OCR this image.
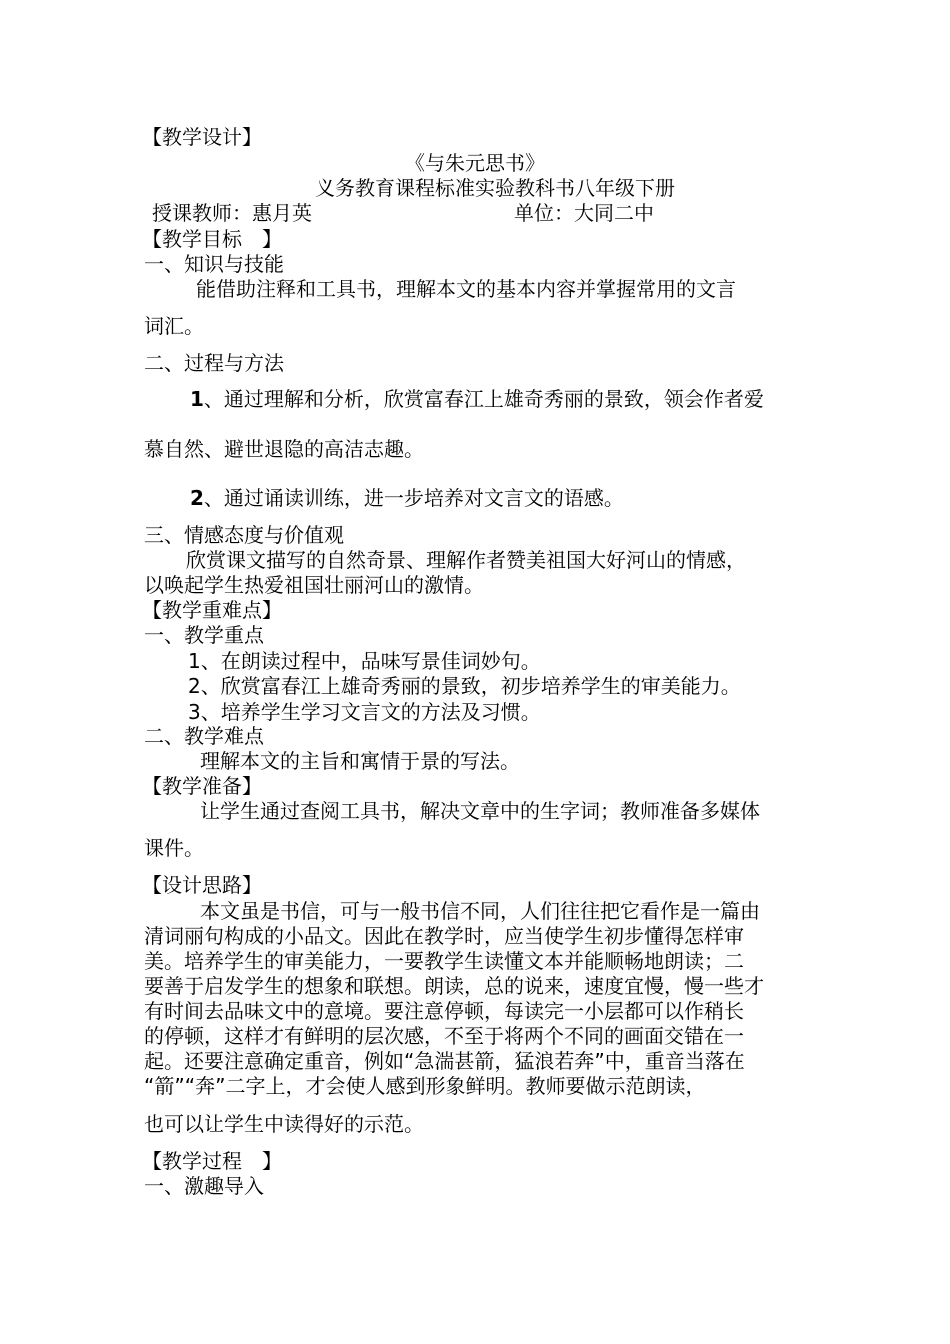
【教学设计】
《与朱元思书》
义务教育课程标准实验教科书八年级下册
授课教师：惠月英	单位：大同二中
【教学目标　】
一、知识与技能
能借助注释和工具书，理解本文的基本内容并掌握常用的文言
词汇。
二、过程与方法
1、通过理解和分析，欣赏富春江上雄奇秀丽的景致，领会作者爱
慕自然、避世退隐的高洁志趣。
2、通过诵读训练，进一步培养对文言文的语感。
三、情感态度与价值观
欣赏课文描写的自然奇景、理解作者赞美祖国大好河山的情感，
以唤起学生热爱祖国壮丽河山的激情。
【教学重难点】
一、教学重点
1、在朗读过程中，品味写景佳词妙句。
2、欣赏富春江上雄奇秀丽的景致，初步培养学生的审美能力。
3、培养学生学习文言文的方法及习惯。
二、教学难点
理解本文的主旨和寓情于景的写法。
【教学准备】
让学生通过查阅工具书，解决文章中的生字词；教师准备多媒体
课件。
【设计思路】
本文虽是书信，可与一般书信不同，人们往往把它看作是一篇由
清词丽句构成的小品文。因此在教学时，应当使学生初步懂得怎样审
美。培养学生的审美能力，一要教学生读懂文本并能顺畅地朗读；二
要善于启发学生的想象和联想。朗读，总的说来，速度宜慢，慢一些才
有时间去品味文中的意境。要注意停顿，每读完一小层都可以作稍长
的停顿，这样才有鲜明的层次感，不至于将两个不同的画面交错在一
起。还要注意确定重音，例如“急湍甚箭，猛浪若奔”中，重音当落在
“箭”“奔”二字上，才会使人感到形象鲜明。教师要做示范朗读，
也可以让学生中读得好的示范。
【教学过程　】
一、激趣导入
